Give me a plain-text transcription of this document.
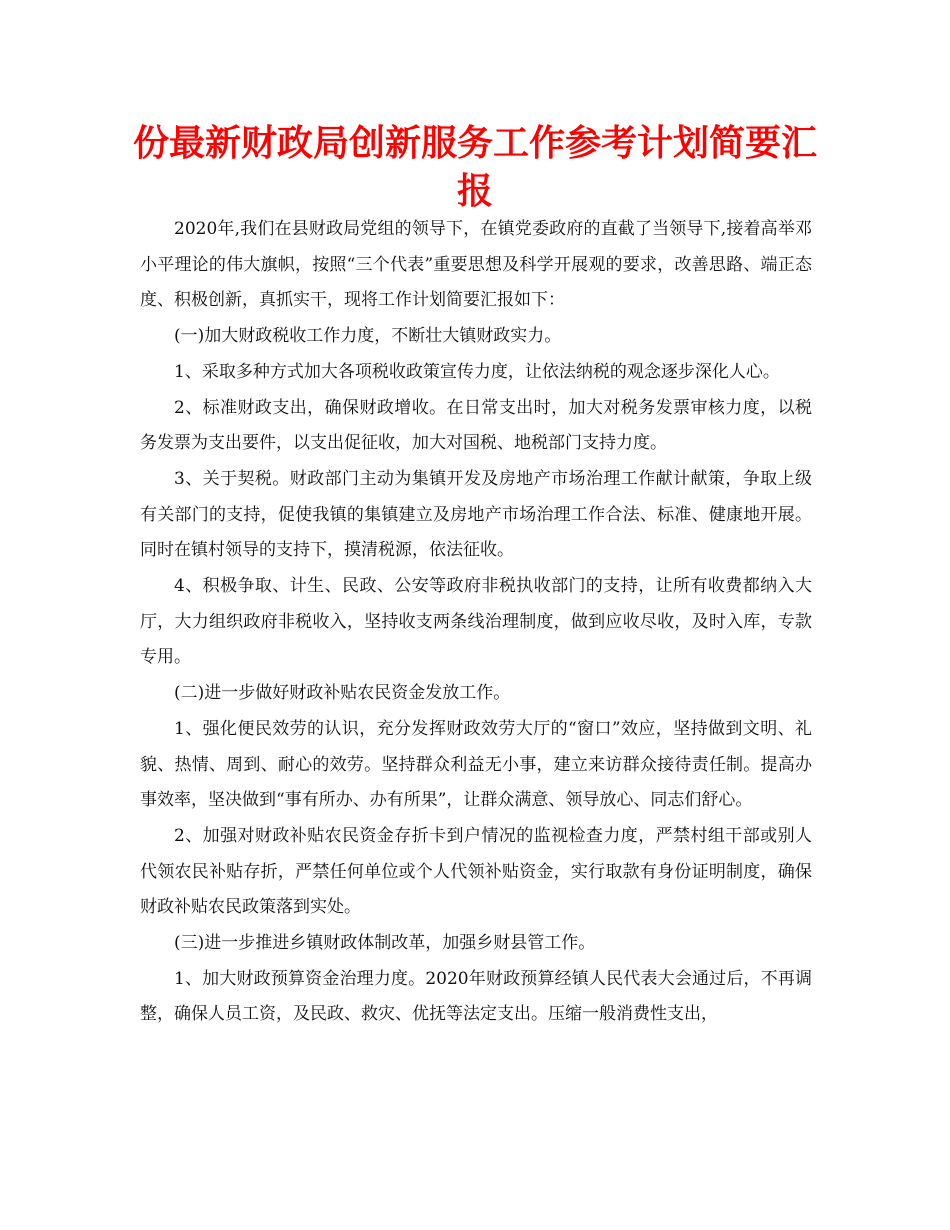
份最新财政局创新服务工作参考计划简要汇报

2020年,我们在县财政局党组的领导下，在镇党委政府的直截了当领导下,接着高举邓小平理论的伟大旗帜，按照“三个代表”重要思想及科学开展观的要求，改善思路、端正态度、积极创新，真抓实干，现将工作计划简要汇报如下：

(一)加大财政税收工作力度，不断壮大镇财政实力。

1、采取多种方式加大各项税收政策宣传力度，让依法纳税的观念逐步深化人心。

2、标准财政支出，确保财政增收。在日常支出时，加大对税务发票审核力度，以税务发票为支出要件，以支出促征收，加大对国税、地税部门支持力度。

3、关于契税。财政部门主动为集镇开发及房地产市场治理工作献计献策，争取上级有关部门的支持，促使我镇的集镇建立及房地产市场治理工作合法、标准、健康地开展。同时在镇村领导的支持下，摸清税源，依法征收。

4、积极争取、计生、民政、公安等政府非税执收部门的支持，让所有收费都纳入大厅，大力组织政府非税收入，坚持收支两条线治理制度，做到应收尽收，及时入库，专款专用。

(二)进一步做好财政补贴农民资金发放工作。

1、强化便民效劳的认识，充分发挥财政效劳大厅的“窗口”效应，坚持做到文明、礼貌、热情、周到、耐心的效劳。坚持群众利益无小事，建立来访群众接待责任制。提高办事效率，坚决做到“事有所办、办有所果”，让群众满意、领导放心、同志们舒心。

2、加强对财政补贴农民资金存折卡到户情况的监视检查力度，严禁村组干部或别人代领农民补贴存折，严禁任何单位或个人代领补贴资金，实行取款有身份证明制度，确保财政补贴农民政策落到实处。

(三)进一步推进乡镇财政体制改革，加强乡财县管工作。

1、加大财政预算资金治理力度。2020年财政预算经镇人民代表大会通过后，不再调整，确保人员工资，及民政、救灾、优抚等法定支出。压缩一般消费性支出，
